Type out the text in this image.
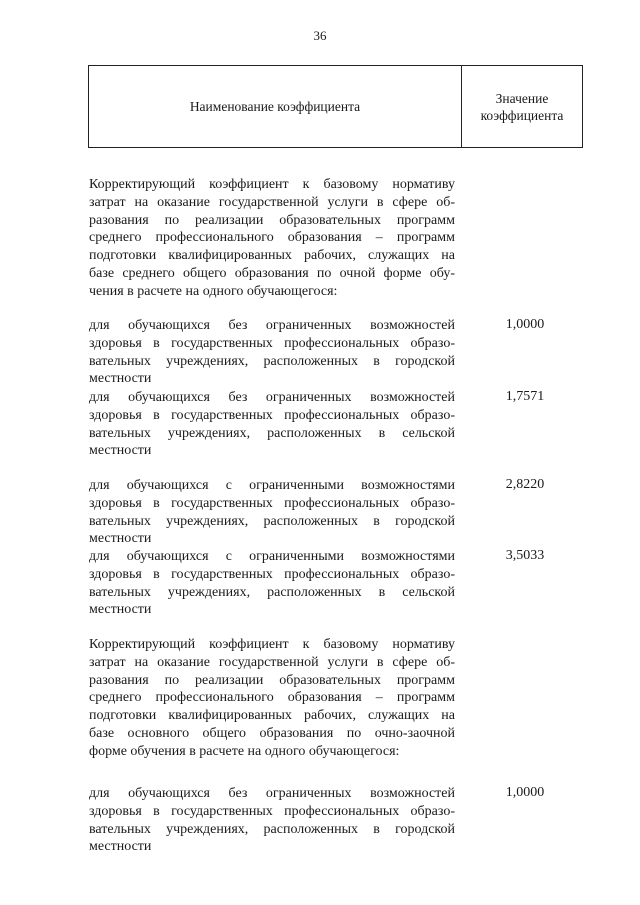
36
Наименование коэффициента
Значение
коэффициента
Корректирующий коэффициент к базовому нормативу
затрат на оказание государственной услуги в сфере об-
разования по реализации образовательных программ
среднего профессионального образования – программ
подготовки квалифицированных рабочих, служащих на
базе среднего общего образования по очной форме обу-
чения в расчете на одного обучающегося:
для обучающихся без ограниченных возможностей
здоровья в государственных профессиональных образо-
вательных учреждениях, расположенных в городской
местности
1,0000
для обучающихся без ограниченных возможностей
здоровья в государственных профессиональных образо-
вательных учреждениях, расположенных в сельской
местности
1,7571
для обучающихся с ограниченными возможностями
здоровья в государственных профессиональных образо-
вательных учреждениях, расположенных в городской
местности
2,8220
для обучающихся с ограниченными возможностями
здоровья в государственных профессиональных образо-
вательных учреждениях, расположенных в сельской
местности
3,5033
Корректирующий коэффициент к базовому нормативу
затрат на оказание государственной услуги в сфере об-
разования по реализации образовательных программ
среднего профессионального образования – программ
подготовки квалифицированных рабочих, служащих на
базе основного общего образования по очно-заочной
форме обучения в расчете на одного обучающегося:
для обучающихся без ограниченных возможностей
здоровья в государственных профессиональных образо-
вательных учреждениях, расположенных в городской
местности
1,0000
